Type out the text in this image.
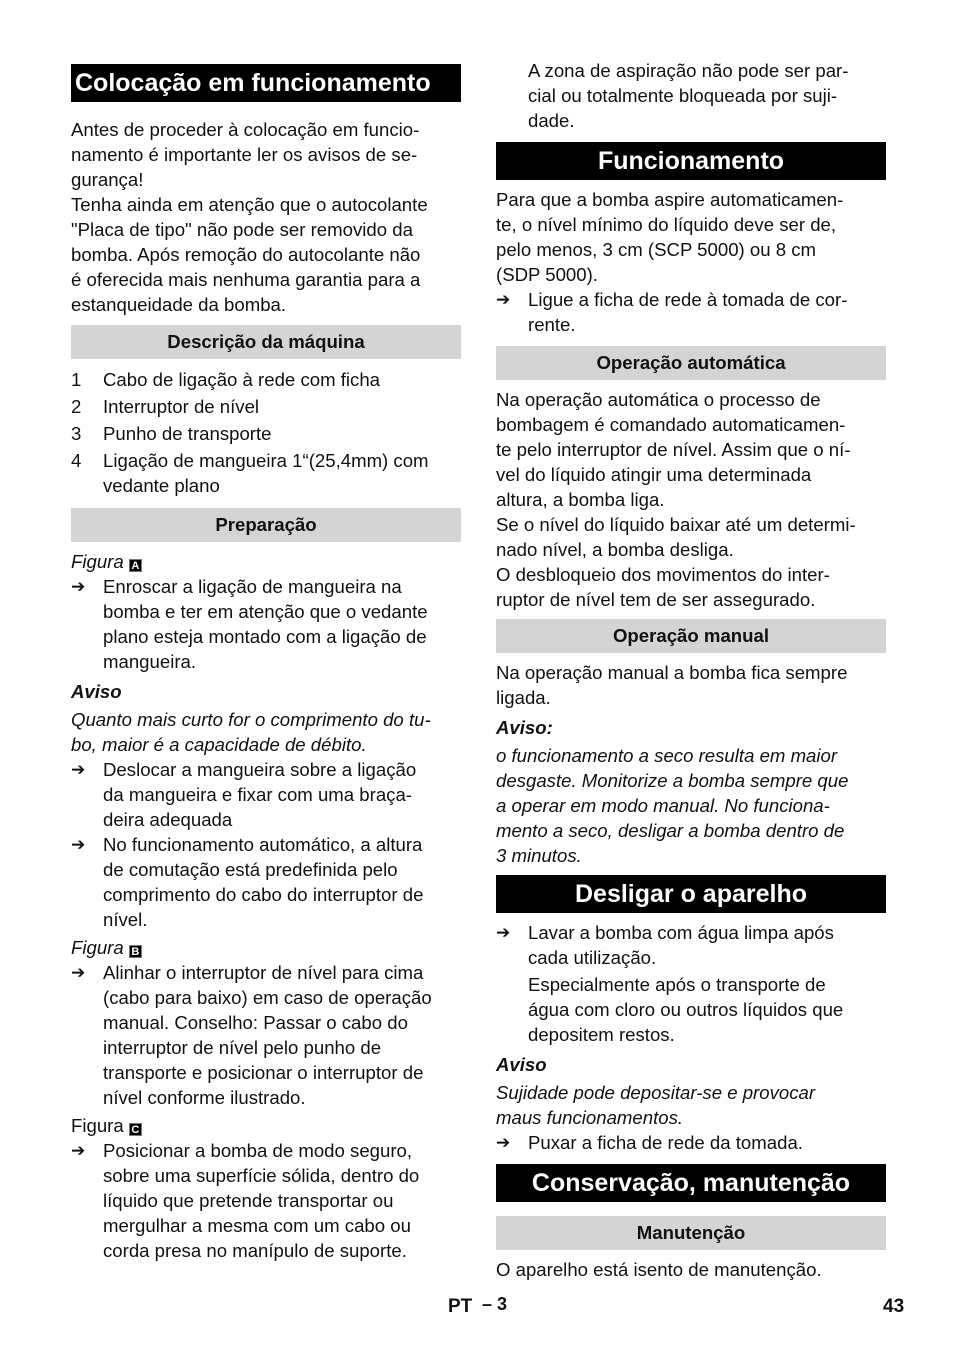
Colocação em funcionamento

Antes de proceder à colocação em funcio-
namento é importante ler os avisos de se-
gurança!

Tenha ainda em atenção que o autocolante
"Placa de tipo" não pode ser removido da
bomba. Após remoção do autocolante não
é oferecida mais nenhuma garantia para a
estanqueidade da bomba.

Descrição da máquina
1	Cabo de ligação à rede com ficha

2	Interruptor de nível

3	Punho de transporte

4	Ligação de mangueira 1“(25,4mm) com
vedante plano

Preparação

Figura A

➔ Enroscar a ligação de mangueira na
bomba e ter em atenção que o vedante
plano esteja montado com a ligação de
mangueira.

Aviso

Quanto mais curto for o comprimento do tu-
bo, maior é a capacidade de débito.

➔ Deslocar a mangueira sobre a ligação
da mangueira e fixar com uma braça-
deira adequada

➔ No funcionamento automático, a altura
de comutação está predefinida pelo
comprimento do cabo do interruptor de
nível.

Figura B

➔ Alinhar o interruptor de nível para cima
(cabo para baixo) em caso de operação
manual. Conselho: Passar o cabo do
interruptor de nível pelo punho de
transporte e posicionar o interruptor de
nível conforme ilustrado.

Figura C

➔ Posicionar a bomba de modo seguro,
sobre uma superfície sólida, dentro do
líquido que pretende transportar ou
mergulhar a mesma com um cabo ou
corda presa no manípulo de suporte.

A zona de aspiração não pode ser par-
cial ou totalmente bloqueada por suji-
dade.

Funcionamento

Para que a bomba aspire automaticamen-
te, o nível mínimo do líquido deve ser de,
pelo menos, 3 cm (SCP 5000) ou 8 cm
(SDP 5000).

➔ Ligue a ficha de rede à tomada de cor-
rente.

Operação automática

Na operação automática o processo de
bombagem é comandado automaticamen-
te pelo interruptor de nível. Assim que o ní-
vel do líquido atingir uma determinada
altura, a bomba liga.
Se o nível do líquido baixar até um determi-
nado nível, a bomba desliga.
O desbloqueio dos movimentos do inter-
ruptor de nível tem de ser assegurado.

Operação manual

Na operação manual a bomba fica sempre
ligada.

Aviso:

o funcionamento a seco resulta em maior
desgaste. Monitorize a bomba sempre que
a operar em modo manual. No funciona-
mento a seco, desligar a bomba dentro de
3 minutos.

Desligar o aparelho
➔ Lavar a bomba com água limpa após
cada utilização.

Especialmente após o transporte de
água com cloro ou outros líquidos que
depositem restos.

Aviso

Sujidade pode depositar-se e provocar
maus funcionamentos.

➔ Puxar a ficha de rede da tomada.

Conservação, manutenção
Manutenção

O aparelho está isento de manutenção.

PT – 3	43
